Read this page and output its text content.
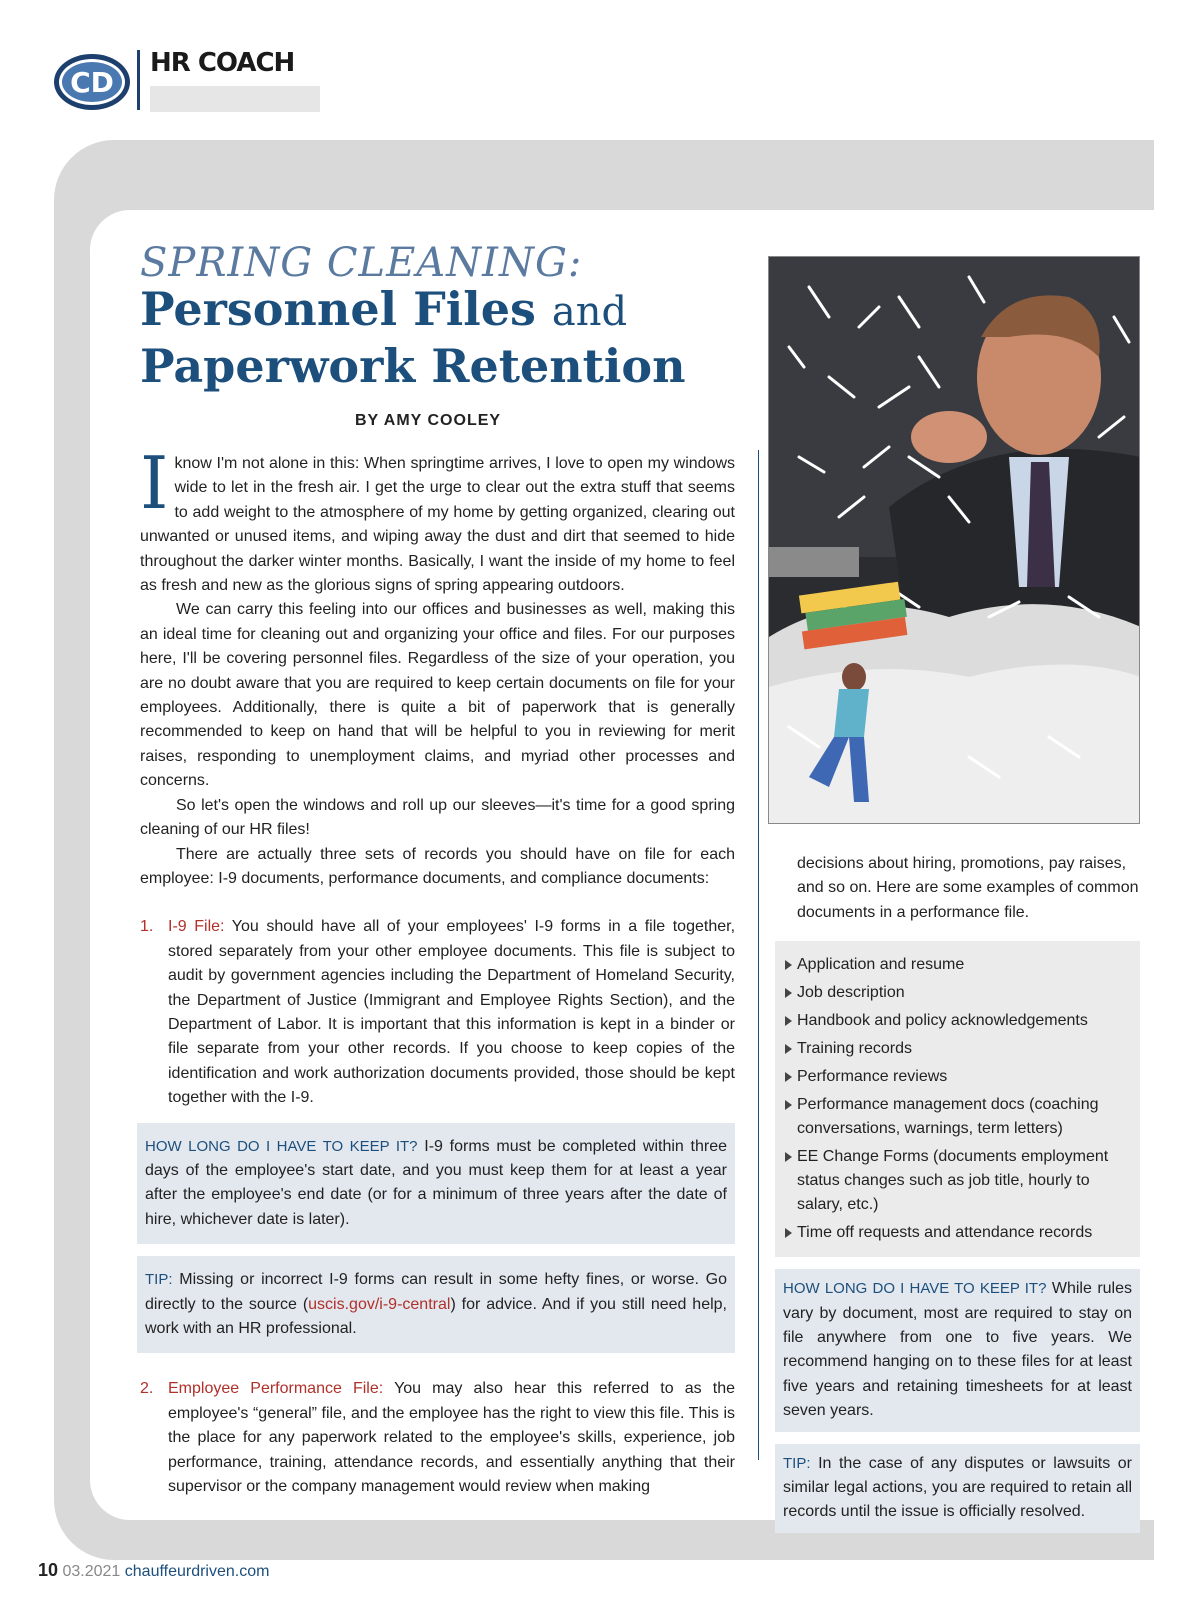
CD
HR COACH
SPRING CLEANING:
Personnel Files and
Paperwork Retention
BY AMY COOLEY

Iknow I'm not alone in this: When springtime arrives, I love to open my windows wide to let in the fresh air. I get the urge to clear out the extra stuff that seems to add weight to the atmosphere of my home by getting organized, clearing out unwanted or unused items, and wiping away the dust and dirt that seemed to hide throughout the darker winter months. Basically, I want the inside of my home to feel as fresh and new as the glorious signs of spring appearing outdoors.

We can carry this feeling into our offices and businesses as well, making this an ideal time for cleaning out and organizing your office and files. For our purposes here, I'll be covering personnel files. Regardless of the size of your operation, you are no doubt aware that you are required to keep certain documents on file for your employees. Additionally, there is quite a bit of paperwork that is generally recommended to keep on hand that will be helpful to you in reviewing for merit raises, responding to unemployment claims, and myriad other processes and concerns.

So let's open the windows and roll up our sleeves—it's time for a good spring cleaning of our HR files!

There are actually three sets of records you should have on file for each employee: I-9 documents, performance documents, and compliance documents:

1. I-9 File: You should have all of your employees' I-9 forms in a file together, stored separately from your other employee documents. This file is subject to audit by government agencies including the Department of Homeland Security, the Department of Justice (Immigrant and Employee Rights Section), and the Department of Labor. It is important that this information is kept in a binder or file separate from your other records. If you choose to keep copies of the identification and work authorization documents provided, those should be kept together with the I-9.
HOW LONG DO I HAVE TO KEEP IT? I-9 forms must be completed within three days of the employee's start date, and you must keep them for at least a year after the employee's end date (or for a minimum of three years after the date of hire, whichever date is later).
TIP: Missing or incorrect I-9 forms can result in some hefty fines, or worse. Go directly to the source (uscis.gov/i-9-central) for advice. And if you still need help, work with an HR professional.
2. Employee Performance File: You may also hear this referred to as the employee's “general” file, and the employee has the right to view this file. This is the place for any paperwork related to the employee's skills, experience, job performance, training, attendance records, and essentially anything that their supervisor or the company management would review when making

decisions about hiring, promotions, pay raises, and so on. Here are some examples of common documents in a performance file.

Application and resume
Job description
Handbook and policy acknowledgements
Training records
Performance reviews
Performance management docs (coaching conversations, warnings, term letters)
EE Change Forms (documents employment status changes such as job title, hourly to salary, etc.)
Time off requests and attendance records
HOW LONG DO I HAVE TO KEEP IT? While rules vary by document, most are required to stay on file anywhere from one to five years. We recommend hanging on to these files for at least five years and retaining timesheets for at least seven years.
TIP: In the case of any disputes or lawsuits or similar legal actions, you are required to retain all records until the issue is officially resolved.
10 03.2021 chauffeurdriven.com
